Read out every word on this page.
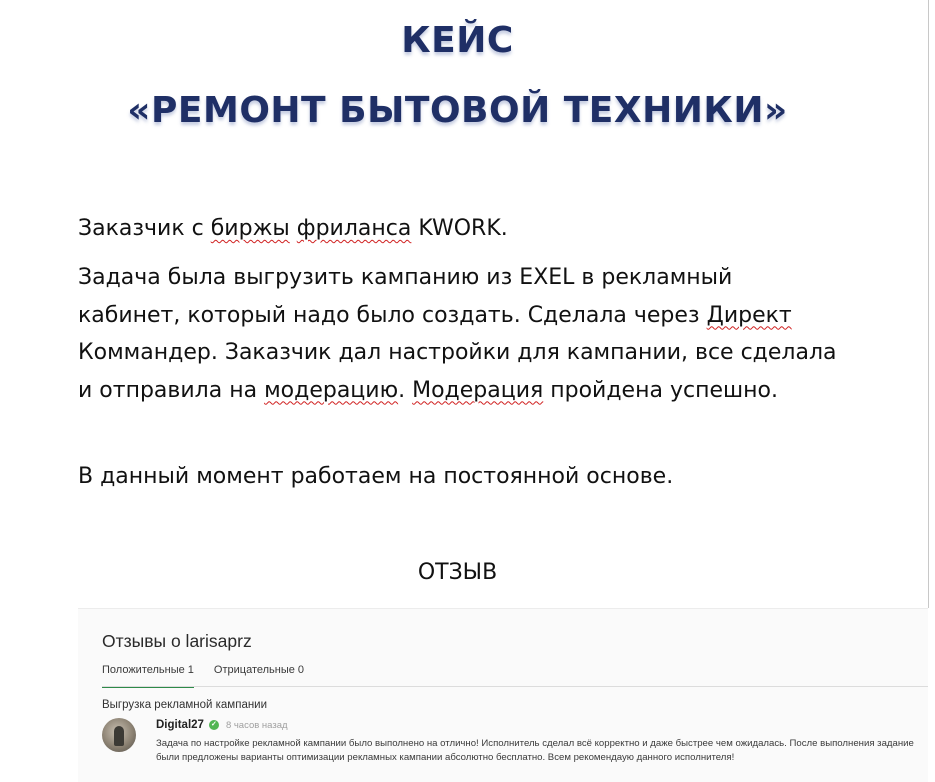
КЕЙС
«РЕМОНТ БЫТОВОЙ ТЕХНИКИ»

Заказчик с биржы фриланса KWORK.

Задача была выгрузить кампанию из EXEL в рекламный кабинет, который надо было создать. Сделала через Директ Коммандер. Заказчик дал настройки для кампании, все сделала и отправила на модерацию. Модерация пройдена успешно.

В данный момент работаем на постоянной основе.

ОТЗЫВ
Отзывы о larisaprz
Положительные 1 Отрицательные 0
Выгрузка рекламной кампании
Digital27 ✓ 8 часов назад
Задача по настройке рекламной кампании было выполнено на отлично! Исполнитель сделал всё корректно и даже быстрее чем ожидалась. После выполнения задание были предложены варианты оптимизации рекламных кампании абсолютно бесплатно. Всем рекомендаую данного исполнителя!
